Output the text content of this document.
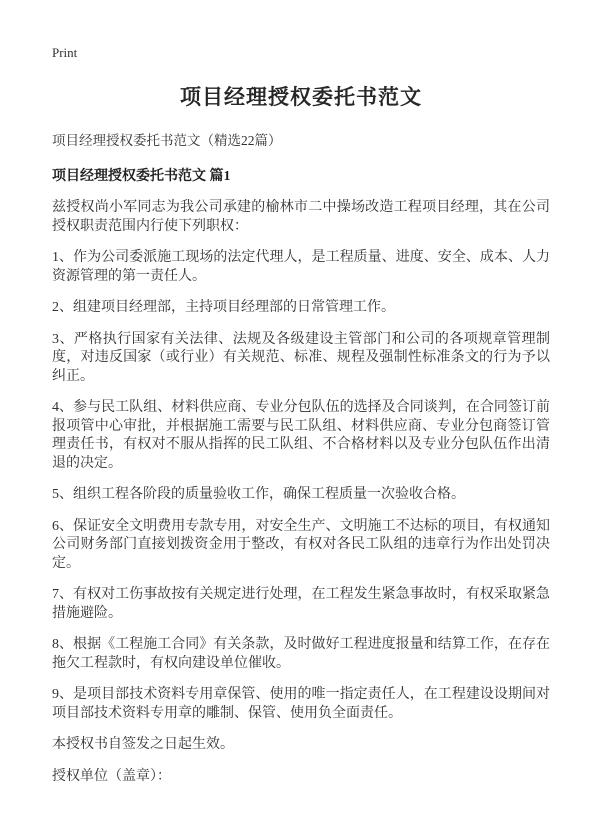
Print
项目经理授权委托书范文
项目经理授权委托书范文（精选22篇）
项目经理授权委托书范文 篇1

兹授权尚小军同志为我公司承建的榆林市二中操场改造工程项目经理，其在公司授权职责范围内行使下列职权：

1、作为公司委派施工现场的法定代理人，是工程质量、进度、安全、成本、人力资源管理的第一责任人。

2、组建项目经理部，主持项目经理部的日常管理工作。

3、严格执行国家有关法律、法规及各级建设主管部门和公司的各项规章管理制度，对违反国家（或行业）有关规范、标准、规程及强制性标准条文的行为予以纠正。

4、参与民工队组、材料供应商、专业分包队伍的选择及合同谈判，在合同签订前报项管中心审批，并根据施工需要与民工队组、材料供应商、专业分包商签订管理责任书，有权对不服从指挥的民工队组、不合格材料以及专业分包队伍作出清退的决定。

5、组织工程各阶段的质量验收工作，确保工程质量一次验收合格。

6、保证安全文明费用专款专用，对安全生产、文明施工不达标的项目，有权通知公司财务部门直接划拨资金用于整改，有权对各民工队组的违章行为作出处罚决定。

7、有权对工伤事故按有关规定进行处理，在工程发生紧急事故时，有权采取紧急措施避险。

8、根据《工程施工合同》有关条款，及时做好工程进度报量和结算工作，在存在拖欠工程款时，有权向建设单位催收。

9、是项目部技术资料专用章保管、使用的唯一指定责任人，在工程建设设期间对项目部技术资料专用章的雕制、保管、使用负全面责任。

本授权书自签发之日起生效。

授权单位（盖章）：
